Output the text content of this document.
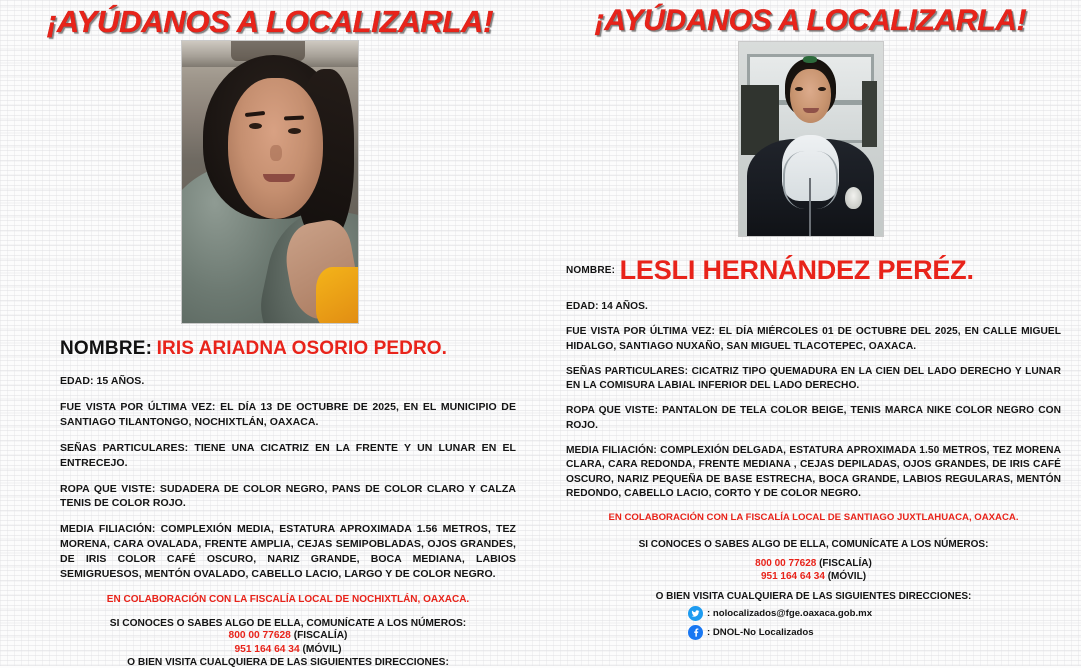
¡AYÚDANOS A LOCALIZARLA!
NOMBRE: IRIS ARIADNA OSORIO PEDRO.
EDAD: 15 AÑOS.
FUE VISTA POR ÚLTIMA VEZ: EL DÍA 13 DE OCTUBRE DE 2025, EN EL MUNICIPIO DE SANTIAGO TILANTONGO, NOCHIXTLÁN, OAXACA.
SEÑAS PARTICULARES: TIENE UNA CICATRIZ EN LA FRENTE Y UN LUNAR EN EL ENTRECEJO.
ROPA QUE VISTE: SUDADERA DE COLOR NEGRO, PANS DE COLOR CLARO Y CALZA TENIS DE COLOR ROJO.
MEDIA FILIACIÓN: COMPLEXIÓN MEDIA, ESTATURA APROXIMADA 1.56 METROS, TEZ MORENA, CARA OVALADA, FRENTE AMPLIA, CEJAS SEMIPOBLADAS, OJOS GRANDES, DE IRIS COLOR CAFÉ OSCURO, NARIZ GRANDE, BOCA MEDIANA, LABIOS SEMIGRUESOS, MENTÓN OVALADO, CABELLO LACIO, LARGO Y DE COLOR NEGRO.
EN COLABORACIÓN CON LA FISCALÍA LOCAL DE NOCHIXTLÁN, OAXACA.
SI CONOCES O SABES ALGO DE ELLA, COMUNÍCATE A LOS NÚMEROS:
800 00 77628 (FISCALÍA)
951 164 64 34 (MÓVIL)
O BIEN VISITA CUALQUIERA DE LAS SIGUIENTES DIRECCIONES:
¡AYÚDANOS A LOCALIZARLA!
$^{NOMBRE:}$ LESLI HERNÁNDEZ PERÉZ.
EDAD: 14 AÑOS.
FUE VISTA POR ÚLTIMA VEZ: EL DÍA MIÉRCOLES 01 DE OCTUBRE DEL 2025, EN CALLE MIGUEL HIDALGO, SANTIAGO NUXAÑO, SAN MIGUEL TLACOTEPEC, OAXACA.
SEÑAS PARTICULARES: CICATRIZ TIPO QUEMADURA EN LA CIEN DEL LADO DERECHO Y LUNAR EN LA COMISURA LABIAL INFERIOR DEL LADO DERECHO.
ROPA QUE VISTE: PANTALON DE TELA COLOR BEIGE, TENIS MARCA NIKE COLOR NEGRO CON ROJO.
MEDIA FILIACIÓN: COMPLEXIÓN DELGADA, ESTATURA APROXIMADA 1.50 METROS, TEZ MORENA CLARA, CARA REDONDA, FRENTE MEDIANA , CEJAS DEPILADAS, OJOS GRANDES, DE IRIS CAFÉ OSCURO, NARIZ PEQUEÑA DE BASE ESTRECHA, BOCA GRANDE, LABIOS REGULARAS, MENTÓN REDONDO, CABELLO LACIO, CORTO Y DE COLOR NEGRO.
EN COLABORACIÓN CON LA FISCALÍA LOCAL DE SANTIAGO JUXTLAHUACA, OAXACA.
SI CONOCES O SABES ALGO DE ELLA, COMUNÍCATE A LOS NÚMEROS:
800 00 77628 (FISCALÍA)
951 164 64 34 (MÓVIL)
O BIEN VISITA CUALQUIERA DE LAS SIGUIENTES DIRECCIONES:
: nolocalizados@fge.oaxaca.gob.mx
: DNOL-No Localizados
